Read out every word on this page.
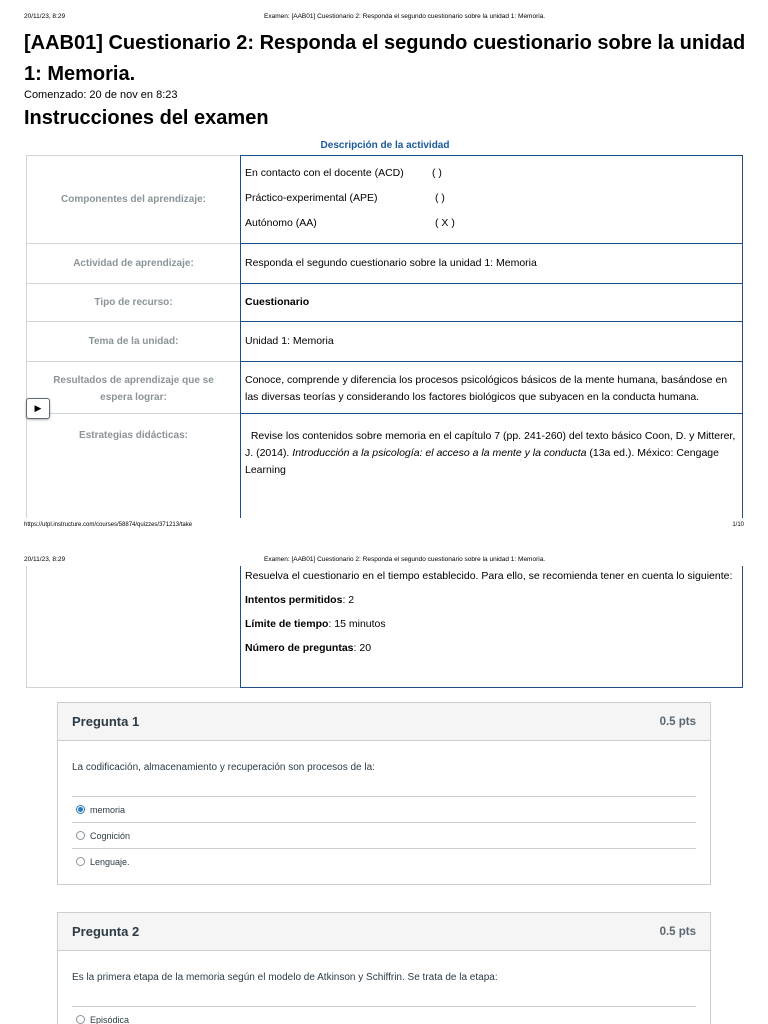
20/11/23, 8:29	Examen: [AAB01] Cuestionario 2: Responda el segundo cuestionario sobre la unidad 1: Memoria.
[AAB01] Cuestionario 2: Responda el segundo cuestionario sobre la unidad 1: Memoria.
Comenzado: 20 de nov en 8:23
Instrucciones del examen
Descripción de la actividad
Componentes del aprendizaje:
En contacto con el docente (ACD)	( )
Práctico-experimental (APE)	( )
Autónomo (AA)	( X )
Actividad de aprendizaje:	Responda el segundo cuestionario sobre la unidad 1: Memoria
Tipo de recurso:	Cuestionario
Tema de la unidad:	Unidad 1: Memoria
Resultados de aprendizaje que se espera lograr:
Conoce, comprende y diferencia los procesos psicológicos básicos de la mente humana, basándose en las diversas teorías y considerando los factores biológicos que subyacen en la conducta humana.
Estrategias didácticas:	Revise los contenidos sobre memoria en el capítulo 7 (pp. 241-260) del texto básico Coon, D. y Mitterer, J. (2014). Introducción a la psicología: el acceso a la mente y la conducta (13a ed.). México: Cengage Learning
▶
https://utpl.instructure.com/courses/58874/quizzes/371213/take	1/10
20/11/23, 8:29	Examen: [AAB01] Cuestionario 2: Responda el segundo cuestionario sobre la unidad 1: Memoria.
Resuelva el cuestionario en el tiempo establecido. Para ello, se recomienda tener en cuenta lo siguiente:
Intentos permitidos: 2
Límite de tiempo: 15 minutos
Número de preguntas: 20
Pregunta 1	0.5 pts
La codificación, almacenamiento y recuperación son procesos de la:
memoria
Cognición
Lenguaje.
Pregunta 2	0.5 pts
Es la primera etapa de la memoria según el modelo de Atkinson y Schiffrin. Se trata de la etapa:
Episódica
